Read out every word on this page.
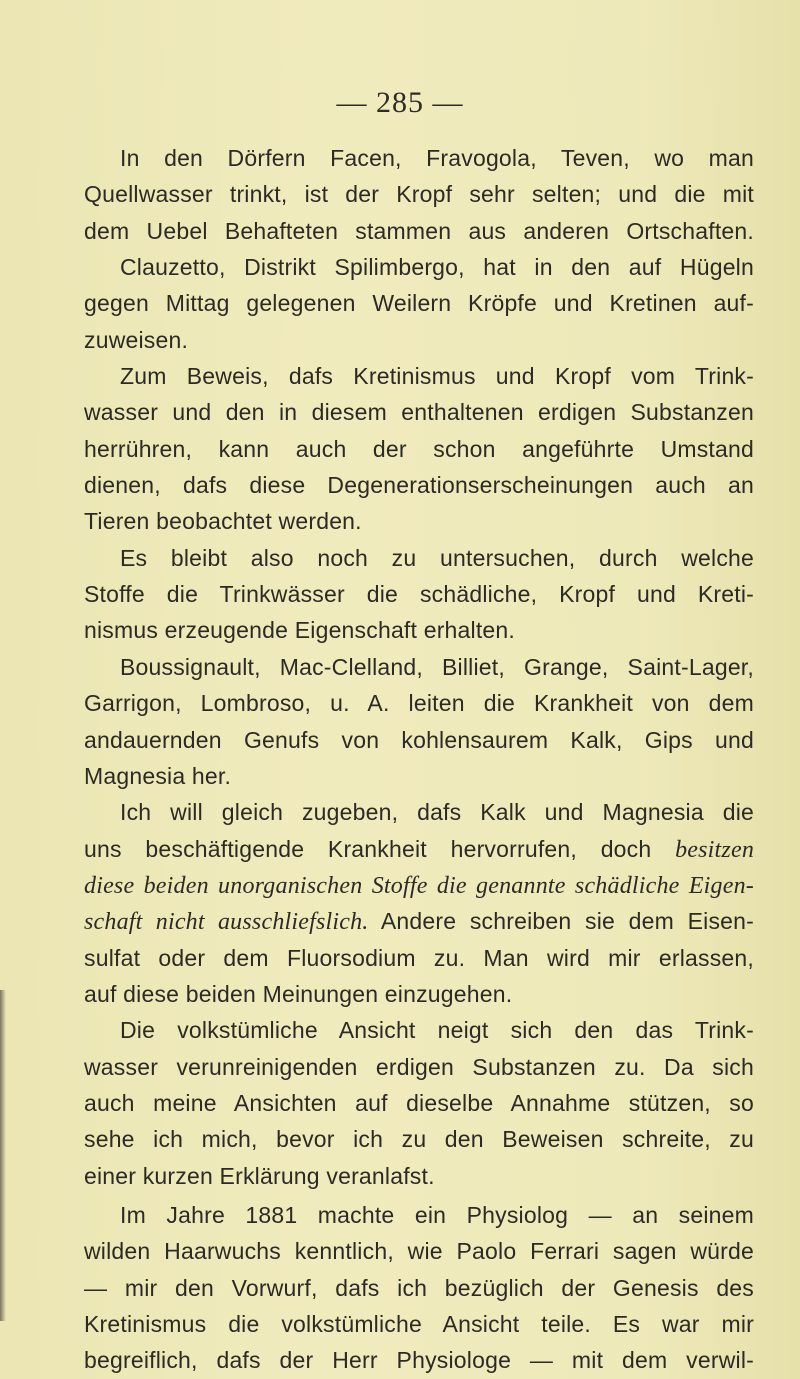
— 285 —
In den Dörfern Facen, Fravogola, Teven, wo man
Quellwasser trinkt, ist der Kropf sehr selten; und die mit
dem Uebel Behafteten stammen aus anderen Ortschaften.
Clauzetto, Distrikt Spilimbergo, hat in den auf Hügeln
gegen Mittag gelegenen Weilern Kröpfe und Kretinen auf-
zuweisen.
Zum Beweis, dafs Kretinismus und Kropf vom Trink-
wasser und den in diesem enthaltenen erdigen Substanzen
herrühren, kann auch der schon angeführte Umstand
dienen, dafs diese Degenerationserscheinungen auch an
Tieren beobachtet werden.
Es bleibt also noch zu untersuchen, durch welche
Stoffe die Trinkwässer die schädliche, Kropf und Kreti-
nismus erzeugende Eigenschaft erhalten.
Boussignault, Mac-Clelland, Billiet, Grange, Saint-Lager,
Garrigon, Lombroso, u. A. leiten die Krankheit von dem
andauernden Genufs von kohlensaurem Kalk, Gips und
Magnesia her.
Ich will gleich zugeben, dafs Kalk und Magnesia die
uns beschäftigende Krankheit hervorrufen, doch besitzen
diese beiden unorganischen Stoffe die genannte schädliche Eigen-
schaft nicht ausschliefslich. Andere schreiben sie dem Eisen-
sulfat oder dem Fluorsodium zu. Man wird mir erlassen,
auf diese beiden Meinungen einzugehen.
Die volkstümliche Ansicht neigt sich den das Trink-
wasser verunreinigenden erdigen Substanzen zu. Da sich
auch meine Ansichten auf dieselbe Annahme stützen, so
sehe ich mich, bevor ich zu den Beweisen schreite, zu
einer kurzen Erklärung veranlafst.
Im Jahre 1881 machte ein Physiolog — an seinem
wilden Haarwuchs kenntlich, wie Paolo Ferrari sagen würde
— mir den Vorwurf, dafs ich bezüglich der Genesis des
Kretinismus die volkstümliche Ansicht teile. Es war mir
begreiflich, dafs der Herr Physiologe — mit dem verwil-
